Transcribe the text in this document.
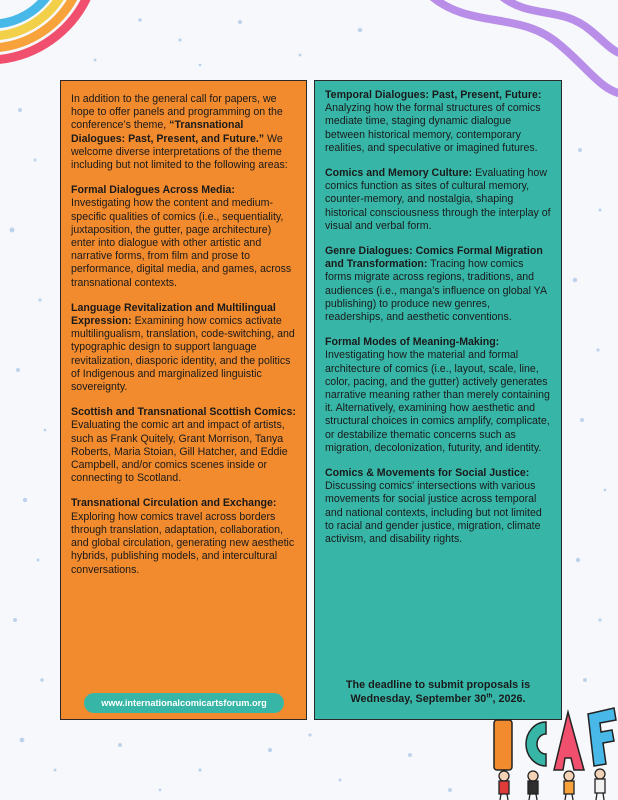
In addition to the general call for papers, we hope to offer panels and programming on the conference’s theme, “Transnational Dialogues: Past, Present, and Future.” We welcome diverse interpretations of the theme including but not limited to the following areas:

Formal Dialogues Across Media: Investigating how the content and medium-specific qualities of comics (i.e., sequentiality, juxtaposition, the gutter, page architecture) enter into dialogue with other artistic and narrative forms, from film and prose to performance, digital media, and games, across transnational contexts.

Language Revitalization and Multilingual Expression: Examining how comics activate multilingualism, translation, code-switching, and typographic design to support language revitalization, diasporic identity, and the politics of Indigenous and marginalized linguistic sovereignty.

Scottish and Transnational Scottish Comics: Evaluating the comic art and impact of artists, such as Frank Quitely, Grant Morrison, Tanya Roberts, Maria Stoian, Gill Hatcher, and Eddie Campbell, and/or comics scenes inside or connecting to Scotland.

Transnational Circulation and Exchange: Exploring how comics travel across borders through translation, adaptation, collaboration, and global circulation, generating new aesthetic hybrids, publishing models, and intercultural conversations.

www.internationalcomicartsforum.org

Temporal Dialogues: Past, Present, Future: Analyzing how the formal structures of comics mediate time, staging dynamic dialogue between historical memory, contemporary realities, and speculative or imagined futures.

Comics and Memory Culture: Evaluating how comics function as sites of cultural memory, counter-memory, and nostalgia, shaping historical consciousness through the interplay of visual and verbal form.

Genre Dialogues: Comics Formal Migration and Transformation: Tracing how comics forms migrate across regions, traditions, and audiences (i.e., manga’s influence on global YA publishing) to produce new genres, readerships, and aesthetic conventions.

Formal Modes of Meaning-Making: Investigating how the material and formal architecture of comics (i.e., layout, scale, line, color, pacing, and the gutter) actively generates narrative meaning rather than merely containing it. Alternatively, examining how aesthetic and structural choices in comics amplify, complicate, or destabilize thematic concerns such as migration, decolonization, futurity, and identity.

Comics & Movements for Social Justice: Discussing comics' intersections with various movements for social justice across temporal and national contexts, including but not limited to racial and gender justice, migration, climate activism, and disability rights.

The deadline to submit proposals is
Wednesday, September 30th, 2026.
